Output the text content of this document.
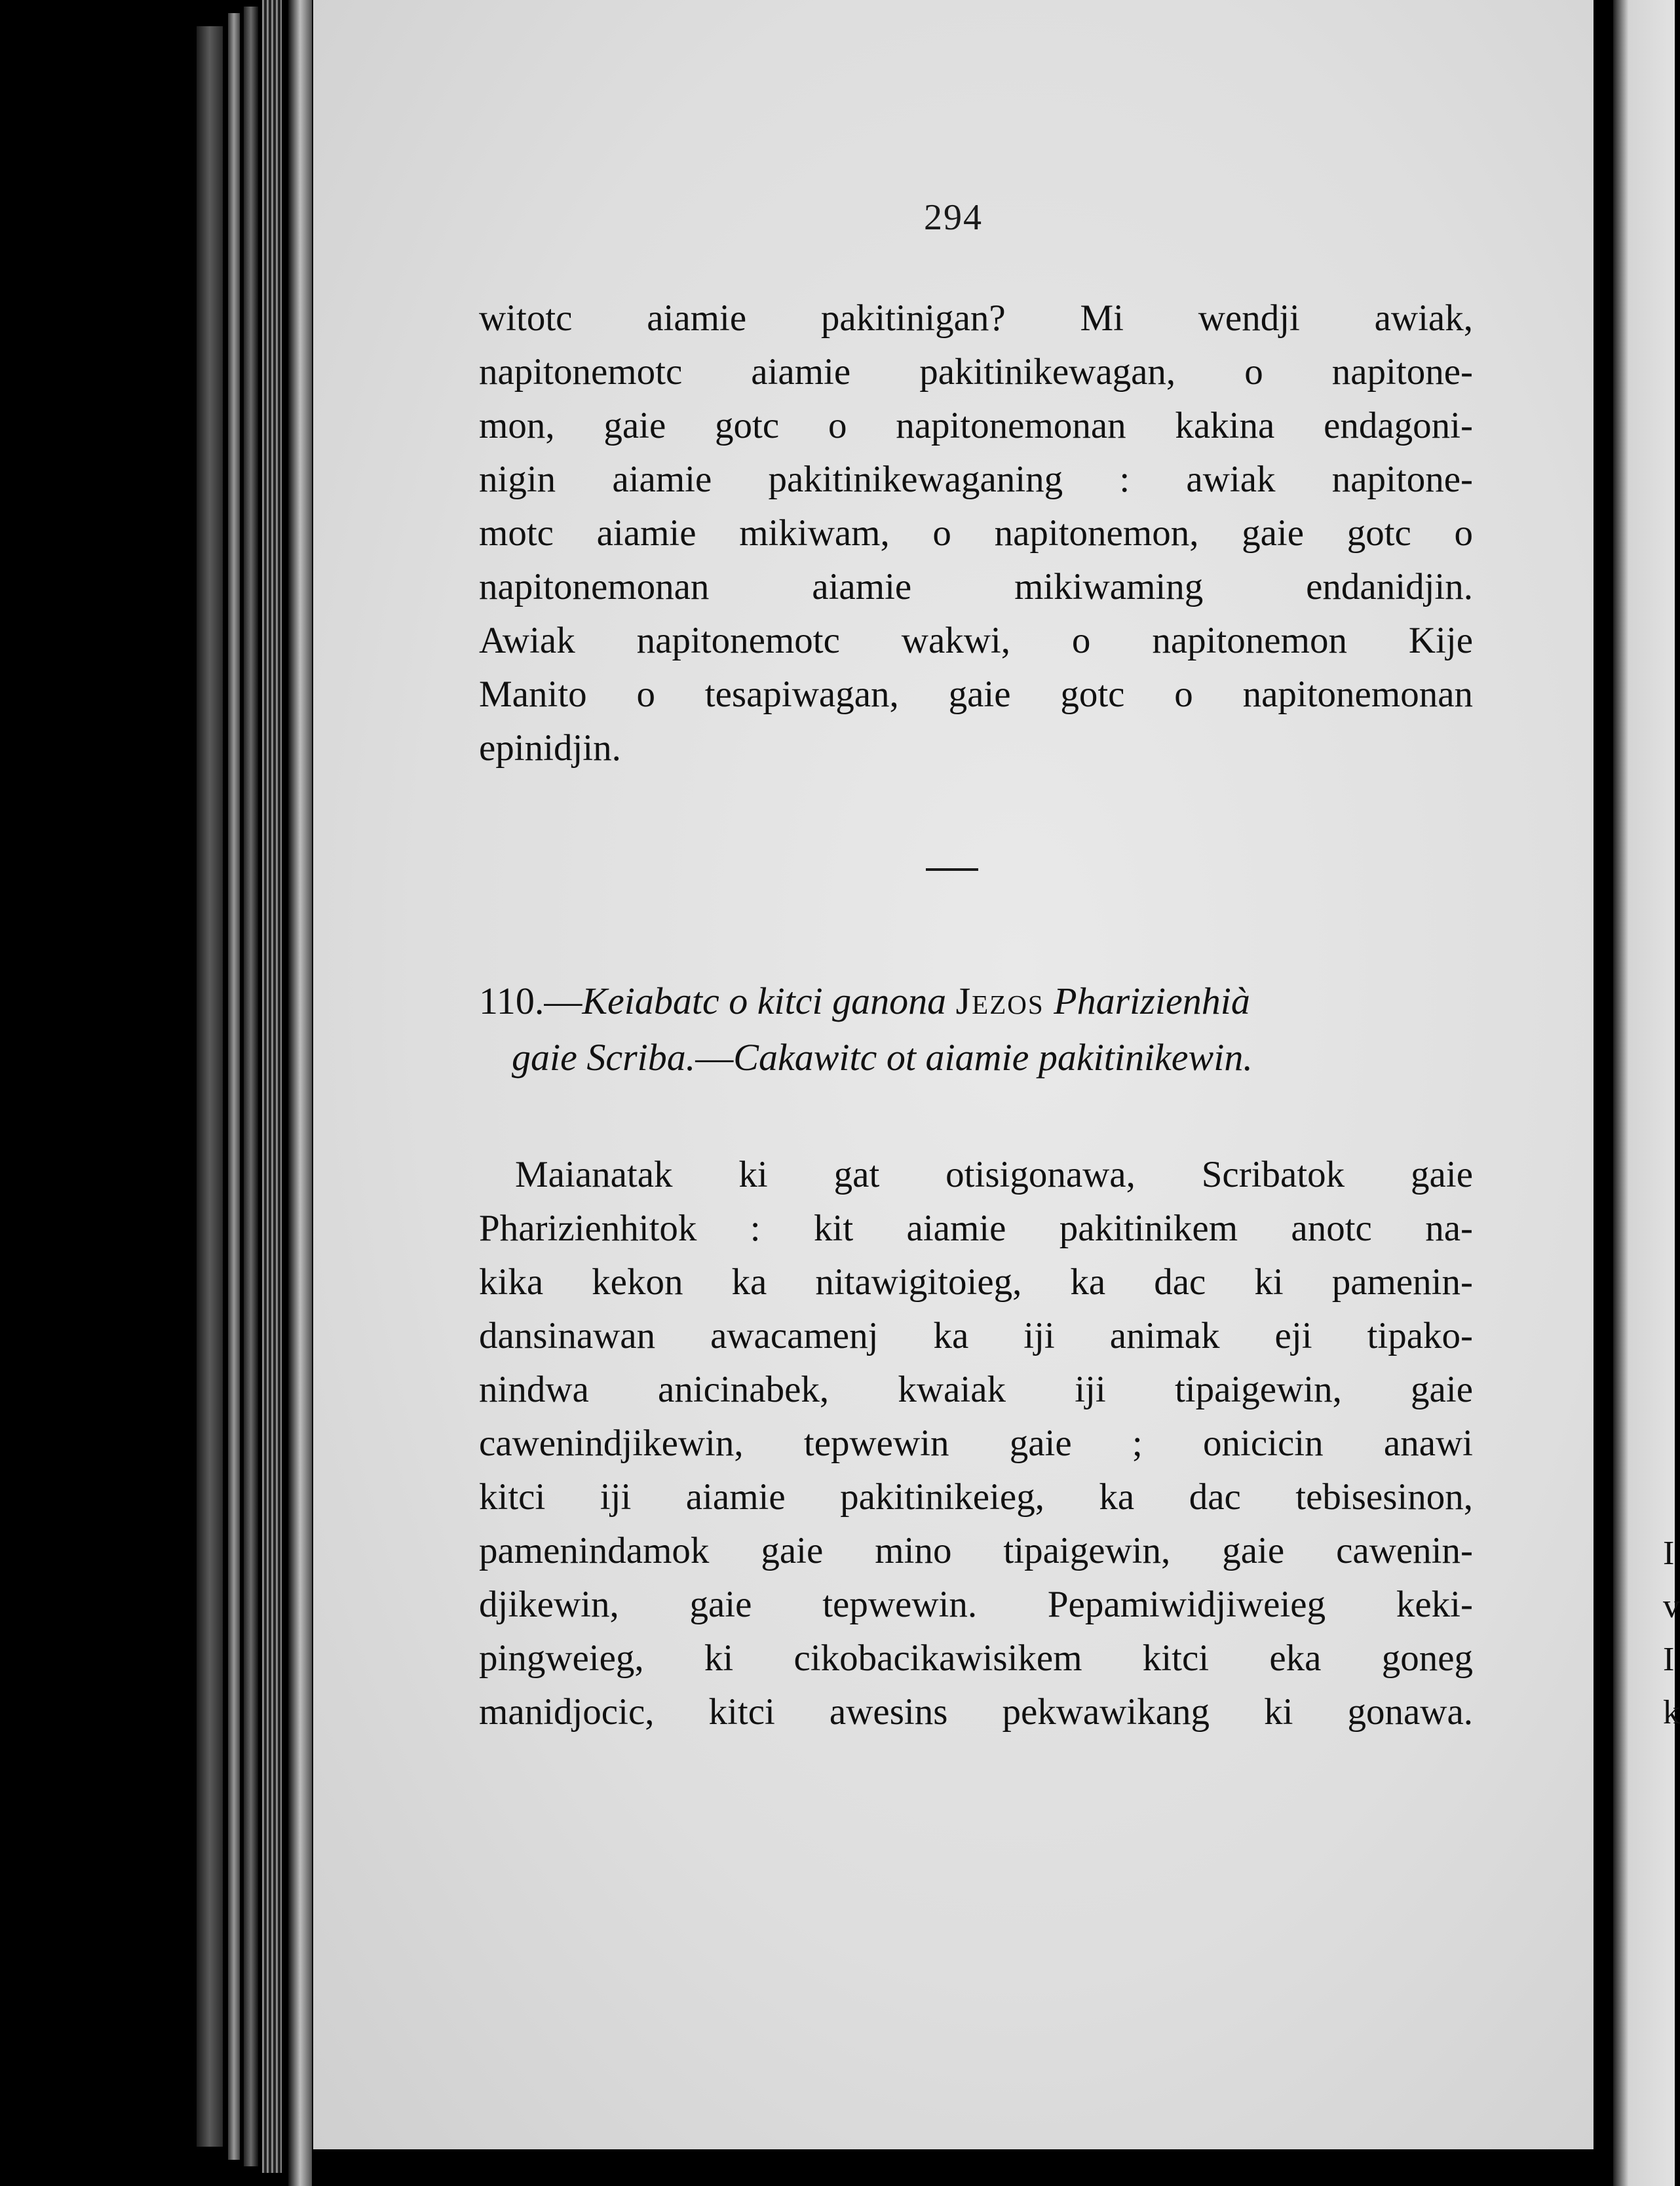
I
v
I
k
294
witotc aiamie pakitinigan? Mi wendji awiak,
napitonemotc aiamie pakitinikewagan, o napitone-
mon, gaie gotc o napitonemonan kakina endagoni-
nigin aiamie pakitinikewaganing : awiak napitone-
motc aiamie mikiwam, o napitonemon, gaie gotc o
napitonemonan aiamie mikiwaming endanidjin.
Awiak napitonemotc wakwi, o napitonemon Kije
Manito o tesapiwagan, gaie gotc o napitonemonan
epinidjin.
110.—Keiabatc o kitci ganona Jezos Pharizienhià
gaie Scriba.—Cakawitc ot aiamie pakitinikewin.
Maianatak ki gat otisigonawa, Scribatok gaie
Pharizienhitok : kit aiamie pakitinikem anotc na-
kika kekon ka nitawigitoieg, ka dac ki pamenin-
dansinawan awacamenj ka iji animak eji tipako-
nindwa anicinabek, kwaiak iji tipaigewin, gaie
cawenindjikewin, tepwewin gaie ; onicicin anawi
kitci iji aiamie pakitinikeieg, ka dac tebisesinon,
pamenindamok gaie mino tipaigewin, gaie cawenin-
djikewin, gaie tepwewin. Pepamiwidjiweieg keki-
pingweieg, ki cikobacikawisikem kitci eka goneg
manidjocic, kitci awesins pekwawikang ki gonawa.
